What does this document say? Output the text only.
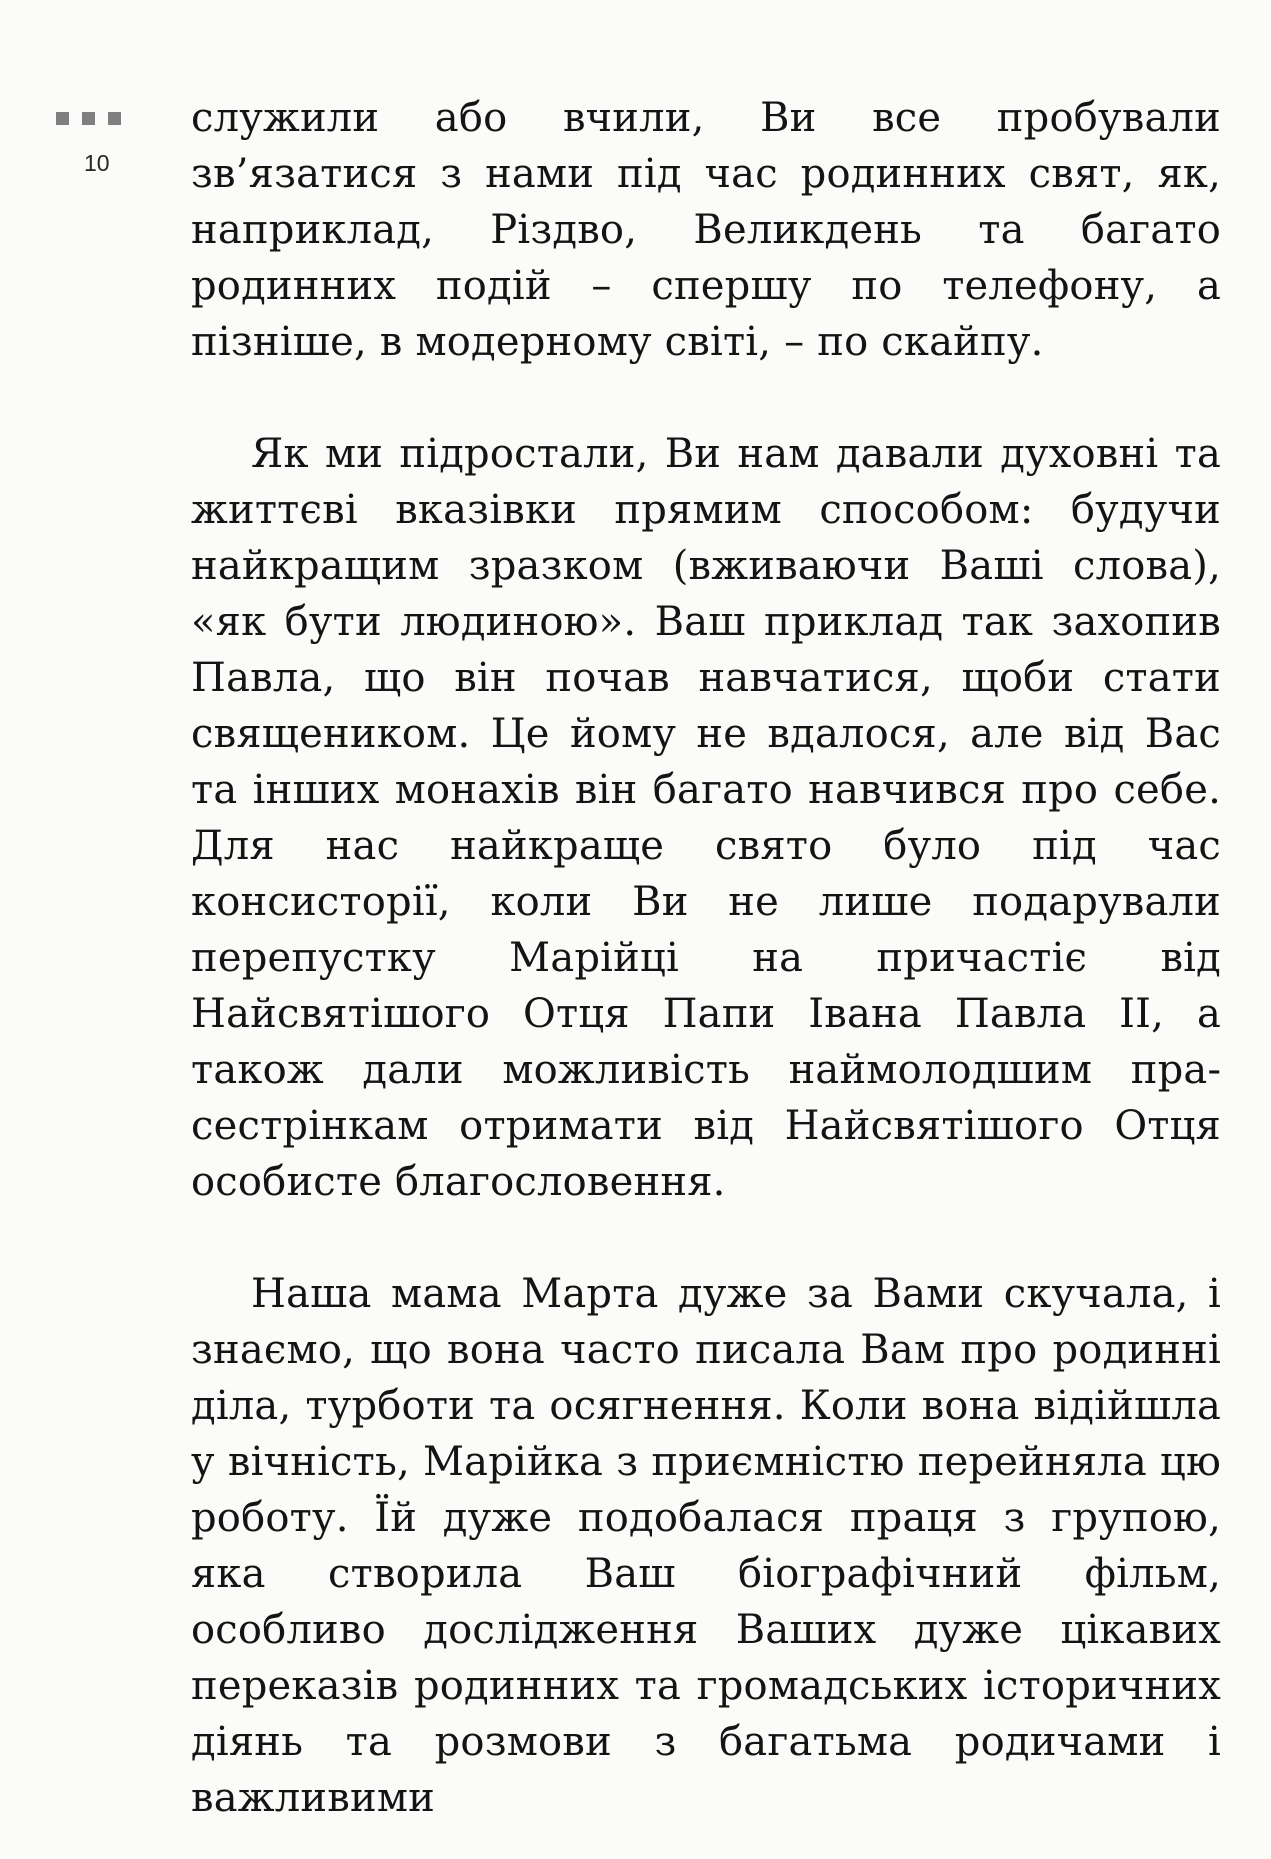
10

служили або вчили, Ви все пробували зв’язатися з нами під час родинних свят, як, наприклад, Різдво, Великдень та багато родинних подій – спершу по телефону, а пізніше, в модерному світі, – по скайпу.

Як ми підростали, Ви нам давали духовні та життєві вказівки прямим способом: будучи найкращим зразком (вживаючи Ваші слова), «як бути людиною». Ваш приклад так захопив Павла, що він почав навчатися, щоби стати священиком. Це йому не вдалося, але від Вас та інших монахів він багато навчився про себе. Для нас найкраще свято було під час консисторії, коли Ви не лише подарували перепустку Марійці на причастіє від Найсвятішого Отця Папи Івана Павла II, а також дали можливість наймолодшим прасестрінкам отримати від Найсвятішого Отця особисте благословення.

Наша мама Марта дуже за Вами скучала, і знаємо, що вона часто писала Вам про родинні діла, турботи та осягнення. Коли вона відійшла у вічність, Марійка з приємністю перейняла цю роботу. Їй дуже подобалася праця з групою, яка створила Ваш біографічний фільм, особливо дослідження Ваших дуже цікавих переказів родинних та громадських історичних діянь та розмови з багатьма родичами і важливими
